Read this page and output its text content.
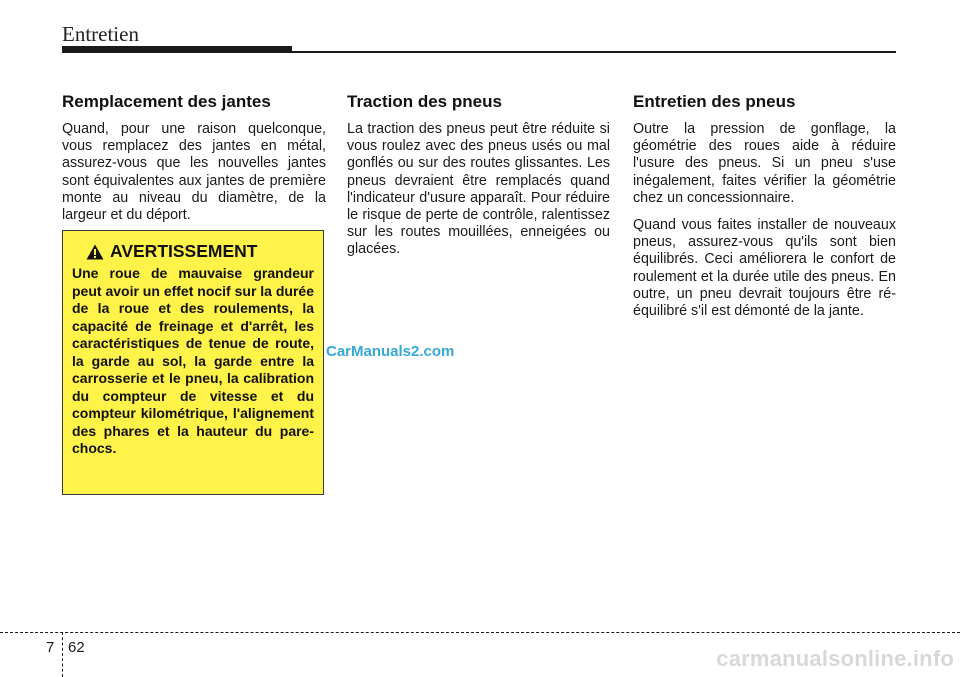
Entretien
Remplacement des jantes

Quand, pour une raison quelconque, vous remplacez des jantes en métal, assurez-vous que les nouvelles jantes sont équivalentes aux jantes de première monte au niveau du diamètre, de la largeur et du déport.

AVERTISSEMENT

Une roue de mauvaise grandeur peut avoir un effet nocif sur la durée de la roue et des roulements, la capacité de freinage et d'arrêt, les caractéristiques de tenue de route, la garde au sol, la garde entre la carrosserie et le pneu, la calibration du compteur de vitesse et du compteur kilométrique, l'alignement des phares et la hauteur du pare-chocs.

Traction des pneus

La traction des pneus peut être réduite si vous roulez avec des pneus usés ou mal gonflés ou sur des routes glissantes. Les pneus devraient être remplacés quand l'indicateur d'usure apparaît. Pour réduire le risque de perte de contrôle, ralentissez sur les routes mouillées, enneigées ou glacées.

Entretien des pneus

Outre la pression de gonflage, la géométrie des roues aide à réduire l'usure des pneus. Si un pneu s'use inégalement, faites vérifier la géométrie chez un concessionnaire.

Quand vous faites installer de nouveaux pneus, assurez-vous qu'ils sont bien équilibrés. Ceci améliorera le confort de roulement et la durée utile des pneus. En outre, un pneu devrait toujours être ré-équilibré s'il est démonté de la jante.

CarManuals2.com
7 62	carmanualsonline.info
